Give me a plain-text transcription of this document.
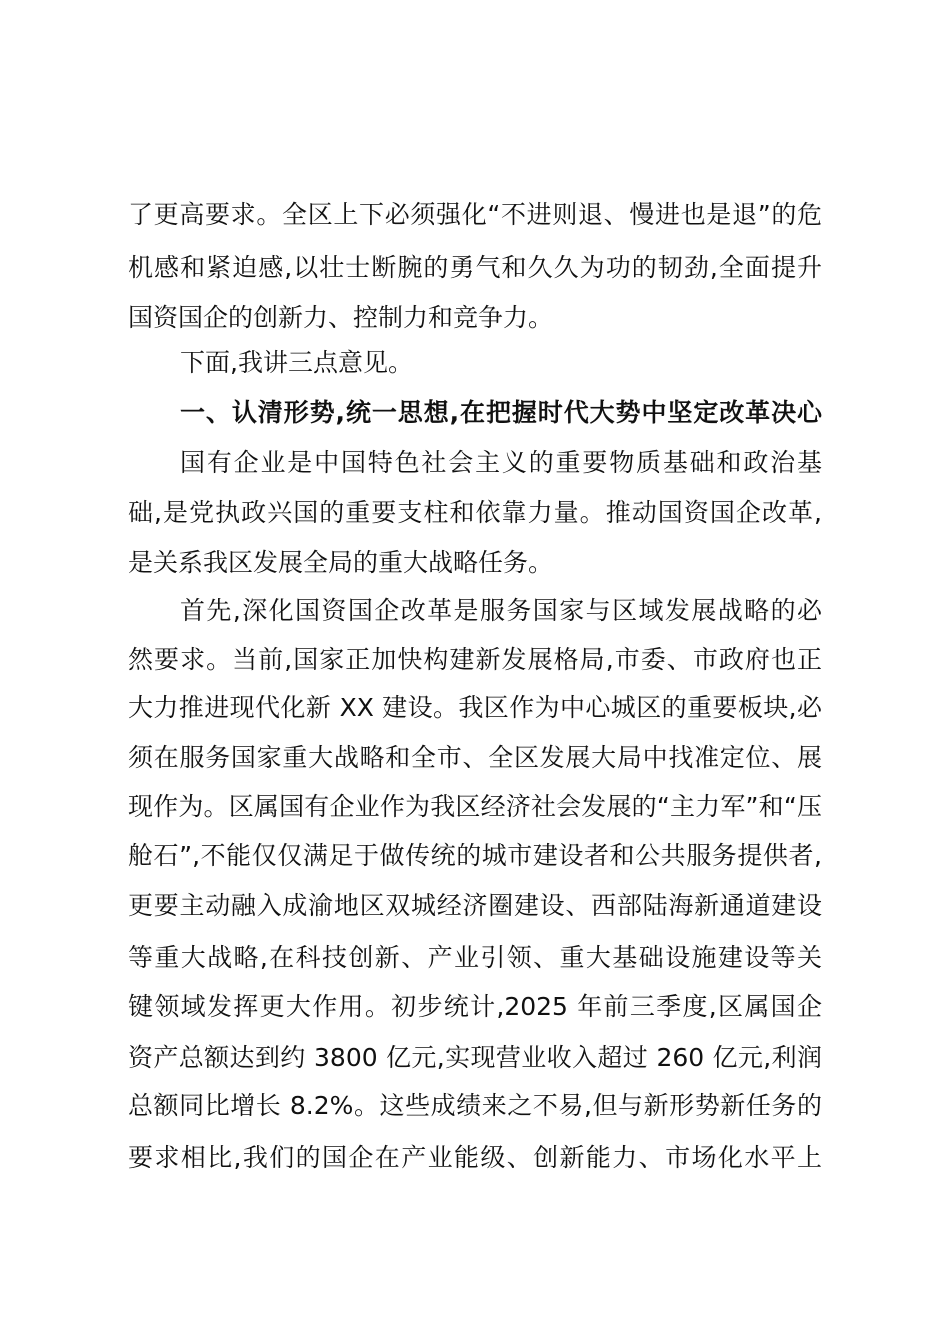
了更高要求。全区上下必须强化“不进则退、慢进也是退”的危
机感和紧迫感,以壮士断腕的勇气和久久为功的韧劲,全面提升
国资国企的创新力、控制力和竞争力。
下面,我讲三点意见。
一、认清形势,统一思想,在把握时代大势中坚定改革决心
国有企业是中国特色社会主义的重要物质基础和政治基
础,是党执政兴国的重要支柱和依靠力量。推动国资国企改革,
是关系我区发展全局的重大战略任务。
首先,深化国资国企改革是服务国家与区域发展战略的必
然要求。当前,国家正加快构建新发展格局,市委、市政府也正
大力推进现代化新 XX 建设。我区作为中心城区的重要板块,必
须在服务国家重大战略和全市、全区发展大局中找准定位、展
现作为。区属国有企业作为我区经济社会发展的“主力军”和“压
舱石”,不能仅仅满足于做传统的城市建设者和公共服务提供者,
更要主动融入成渝地区双城经济圈建设、西部陆海新通道建设
等重大战略,在科技创新、产业引领、重大基础设施建设等关
键领域发挥更大作用。初步统计,2025 年前三季度,区属国企
资产总额达到约 3800 亿元,实现营业收入超过 260 亿元,利润
总额同比增长 8.2%。这些成绩来之不易,但与新形势新任务的
要求相比,我们的国企在产业能级、创新能力、市场化水平上
